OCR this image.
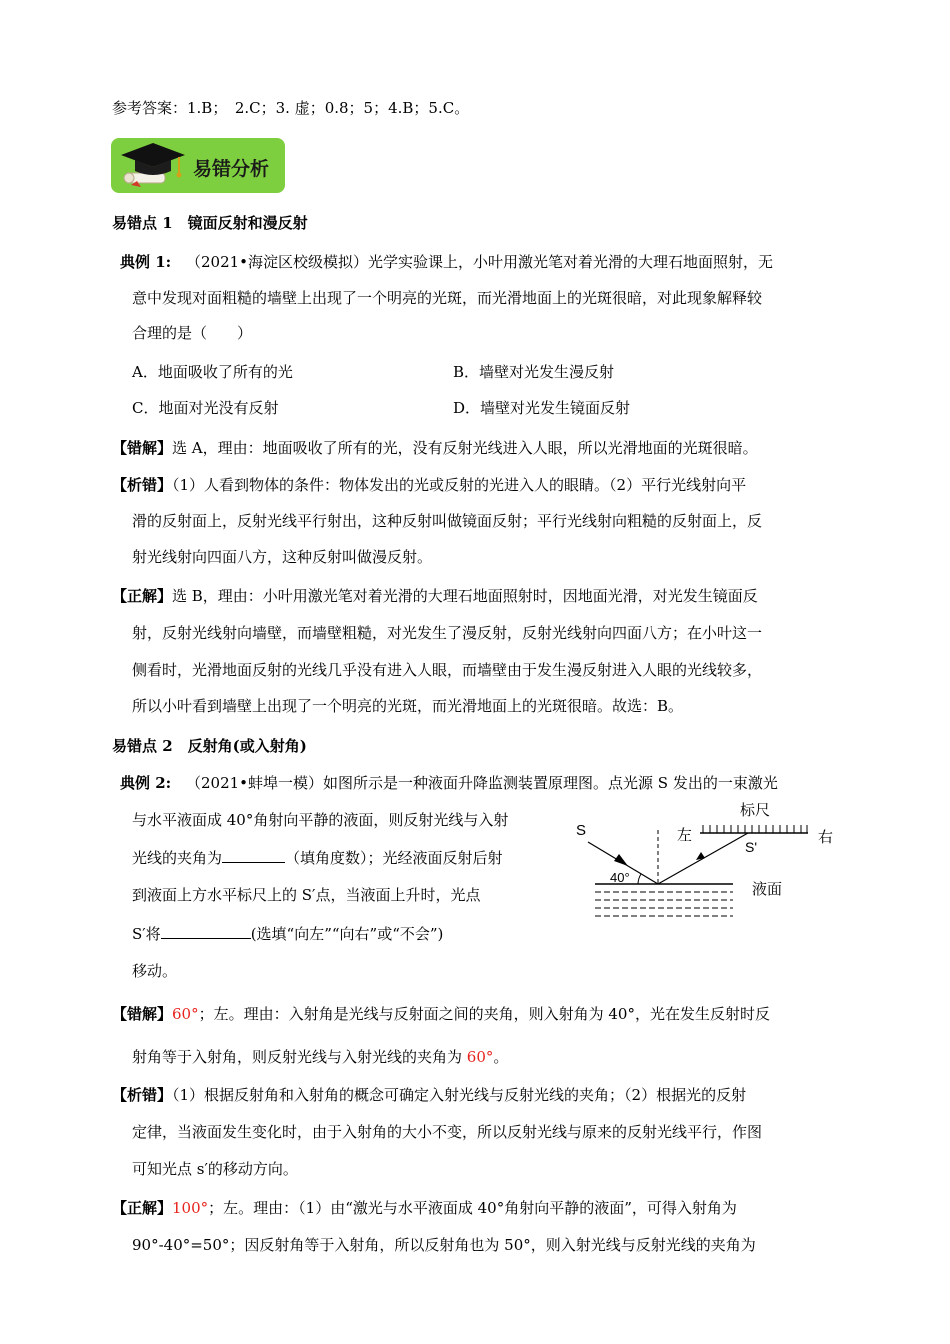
参考答案：1.B；　2.C；3. 虚；0.8；5；4.B；5.C。
易错分析
易错点 1　镜面反射和漫反射
典例 1: （2021•海淀区校级模拟）光学实验课上，小叶用激光笔对着光滑的大理石地面照射，无
意中发现对面粗糙的墙壁上出现了一个明亮的光斑，而光滑地面上的光斑很暗，对此现象解释较
合理的是（　　）
A．地面吸收了所有的光	B．墙壁对光发生漫反射
C．地面对光没有反射	D．墙壁对光发生镜面反射
【错解】选 A，理由：地面吸收了所有的光，没有反射光线进入人眼，所以光滑地面的光斑很暗。
【析错】（1）人看到物体的条件：物体发出的光或反射的光进入人的眼睛。（2）平行光线射向平
滑的反射面上，反射光线平行射出，这种反射叫做镜面反射；平行光线射向粗糙的反射面上，反
射光线射向四面八方，这种反射叫做漫反射。
【正解】选 B，理由：小叶用激光笔对着光滑的大理石地面照射时，因地面光滑，对光发生镜面反
射，反射光线射向墙壁，而墙壁粗糙，对光发生了漫反射，反射光线射向四面八方；在小叶这一
侧看时，光滑地面反射的光线几乎没有进入人眼，而墙壁由于发生漫反射进入人眼的光线较多，
所以小叶看到墙壁上出现了一个明亮的光斑，而光滑地面上的光斑很暗。故选：B。
易错点 2　反射角(或入射角)
典例 2: （2021•蚌埠一模）如图所示是一种液面升降监测装置原理图。点光源 S 发出的一束激光
与水平液面成 40°角射向平静的液面，则反射光线与入射
光线的夹角为	（填角度数）；光经液面反射后射
到液面上方水平标尺上的 S′点，当液面上升时，光点
S′将	(选填“向左”“向右”或“不会”)
移动。
S	左
标尺
右
S'
40°
液面
【错解】60°；左。理由：入射角是光线与反射面之间的夹角，则入射角为 40°，光在发生反射时反
射角等于入射角，则反射光线与入射光线的夹角为 60°。
【析错】（1）根据反射角和入射角的概念可确定入射光线与反射光线的夹角；（2）根据光的反射
定律，当液面发生变化时，由于入射角的大小不变，所以反射光线与原来的反射光线平行，作图
可知光点 s′的移动方向。
【正解】100°；左。理由：（1）由“激光与水平液面成 40°角射向平静的液面”，可得入射角为
90°-40°=50°；因反射角等于入射角，所以反射角也为 50°，则入射光线与反射光线的夹角为
